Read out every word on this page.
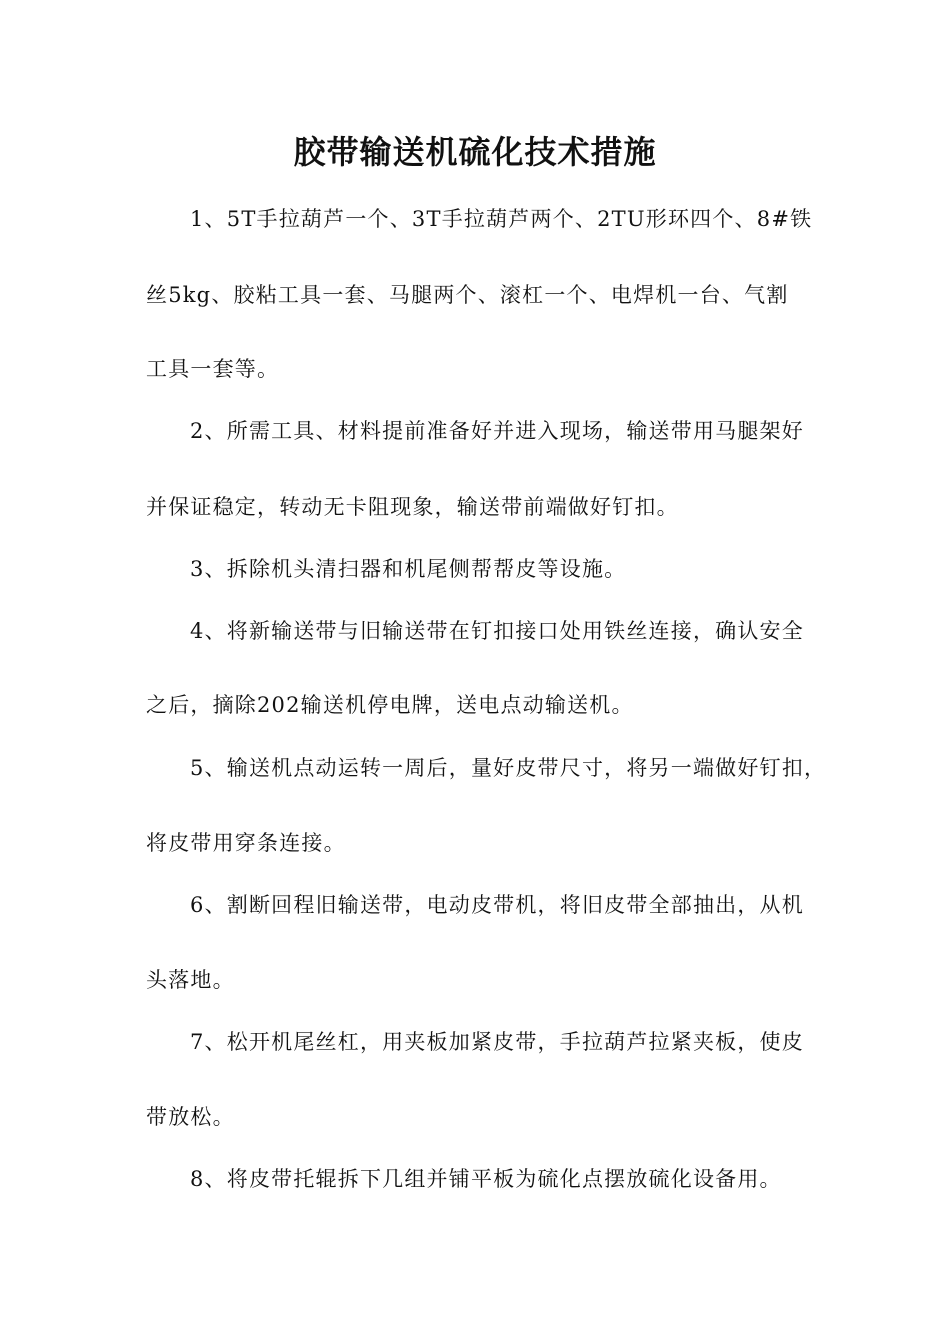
胶带输送机硫化技术措施
1、5T手拉葫芦一个、3T手拉葫芦两个、2TU形环四个、8#铁
丝5kg、胶粘工具一套、马腿两个、滚杠一个、电焊机一台、气割
工具一套等。
2、所需工具、材料提前准备好并进入现场，输送带用马腿架好
并保证稳定，转动无卡阻现象，输送带前端做好钉扣。
3、拆除机头清扫器和机尾侧帮帮皮等设施。
4、将新输送带与旧输送带在钉扣接口处用铁丝连接，确认安全
之后，摘除202输送机停电牌，送电点动输送机。
5、输送机点动运转一周后，量好皮带尺寸，将另一端做好钉扣，
将皮带用穿条连接。
6、割断回程旧输送带，电动皮带机，将旧皮带全部抽出，从机
头落地。
7、松开机尾丝杠，用夹板加紧皮带，手拉葫芦拉紧夹板，使皮
带放松。
8、将皮带托辊拆下几组并铺平板为硫化点摆放硫化设备用。
